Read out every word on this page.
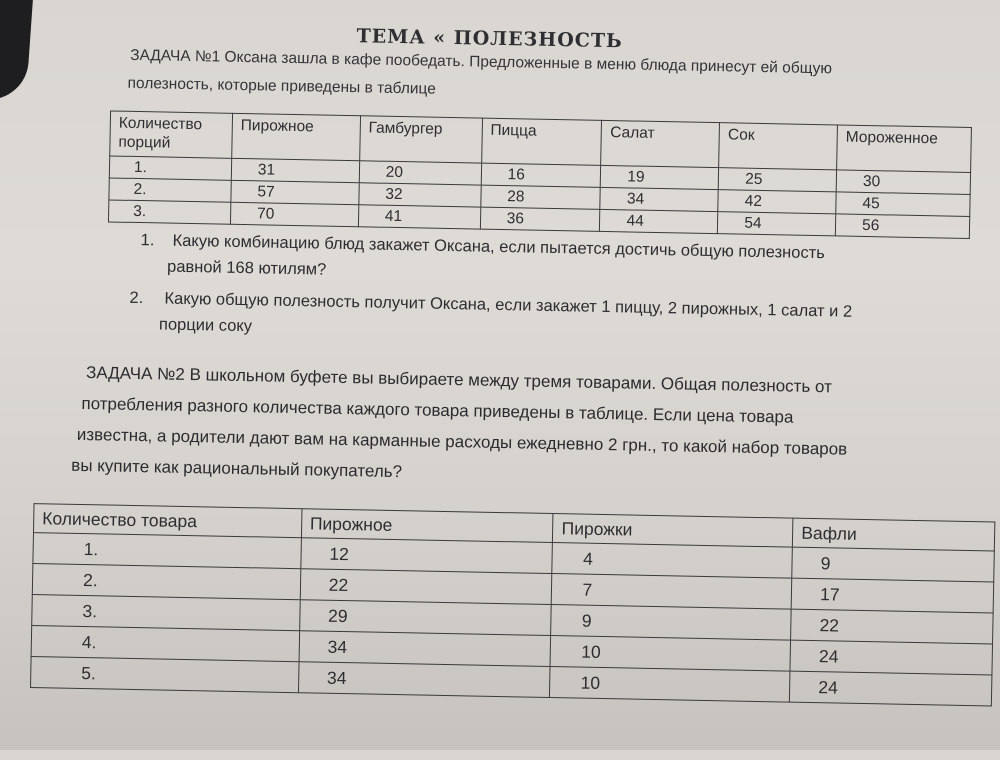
ТЕМА « ПОЛЕЗНОСТЬ
ЗАДАЧА №1 Оксана зашла в кафе пообедать. Предложенные в меню блюда принесут ей общую
полезность, которые приведены в таблице
Количество порций	Пирожное	Гамбургер	Пицца	Салат	Сок	Мороженное
1.	31	20	16	19	25	30
2.	57	32	28	34	42	45
3.	70	41	36	44	54	56
1. Какую комбинацию блюд закажет Оксана, если пытается достичь общую полезность
равной 168 ютилям?
2. Какую общую полезность получит Оксана, если закажет 1 пиццу, 2 пирожных, 1 салат и 2
порции соку
ЗАДАЧА №2 В школьном буфете вы выбираете между тремя товарами. Общая полезность от
потребления разного количества каждого товара приведены в таблице. Если цена товара
известна, а родители дают вам на карманные расходы ежедневно 2 грн., то какой набор товаров
вы купите как рациональный покупатель?
Количество товара	Пирожное	Пирожки	Вафли
1.	12	4	9
2.	22	7	17
3.	29	9	22
4.	34	10	24
5.	34	10	24
